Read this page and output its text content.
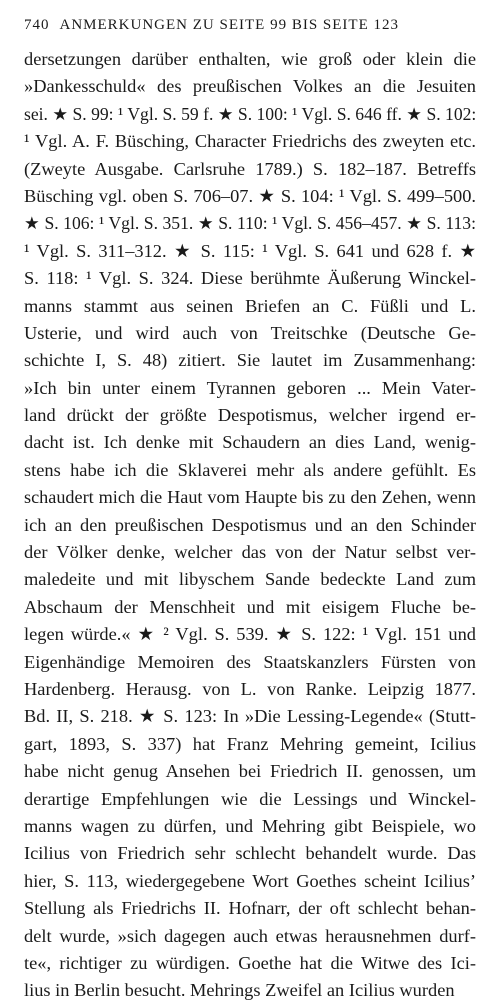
740 ANMERKUNGEN ZU SEITE 99 BIS SEITE 123
dersetzungen darüber enthalten, wie groß oder klein die
»Dankesschuld« des preußischen Volkes an die Jesuiten
sei. ★ S. 99: ¹ Vgl. S. 59 f. ★ S. 100: ¹ Vgl. S. 646 ff. ★ S. 102:
¹ Vgl. A. F. Büsching, Character Friedrichs des zweyten etc.
(Zweyte Ausgabe. Carlsruhe 1789.) S. 182–187. Betreffs
Büsching vgl. oben S. 706–07. ★ S. 104: ¹ Vgl. S. 499–500.
★ S. 106: ¹ Vgl. S. 351. ★ S. 110: ¹ Vgl. S. 456–457. ★ S. 113:
¹ Vgl. S. 311–312. ★ S. 115: ¹ Vgl. S. 641 und 628 f. ★
S. 118: ¹ Vgl. S. 324. Diese berühmte Äußerung Winckel-
manns stammt aus seinen Briefen an C. Füßli und L.
Usterie, und wird auch von Treitschke (Deutsche Ge-
schichte I, S. 48) zitiert. Sie lautet im Zusammenhang:
»Ich bin unter einem Tyrannen geboren ... Mein Vater-
land drückt der größte Despotismus, welcher irgend er-
dacht ist. Ich denke mit Schaudern an dies Land, wenig-
stens habe ich die Sklaverei mehr als andere gefühlt. Es
schaudert mich die Haut vom Haupte bis zu den Zehen, wenn
ich an den preußischen Despotismus und an den Schinder
der Völker denke, welcher das von der Natur selbst ver-
maledeite und mit libyschem Sande bedeckte Land zum
Abschaum der Menschheit und mit eisigem Fluche be-
legen würde.« ★ ² Vgl. S. 539. ★ S. 122: ¹ Vgl. 151 und
Eigenhändige Memoiren des Staatskanzlers Fürsten von
Hardenberg. Herausg. von L. von Ranke. Leipzig 1877.
Bd. II, S. 218. ★ S. 123: In »Die Lessing-Legende« (Stutt-
gart, 1893, S. 337) hat Franz Mehring gemeint, Icilius
habe nicht genug Ansehen bei Friedrich II. genossen, um
derartige Empfehlungen wie die Lessings und Winckel-
manns wagen zu dürfen, und Mehring gibt Beispiele, wo
Icilius von Friedrich sehr schlecht behandelt wurde. Das
hier, S. 113, wiedergegebene Wort Goethes scheint Icilius’
Stellung als Friedrichs II. Hofnarr, der oft schlecht behan-
delt wurde, »sich dagegen auch etwas herausnehmen durf-
te«, richtiger zu würdigen. Goethe hat die Witwe des Ici-
lius in Berlin besucht. Mehrings Zweifel an Icilius wurden
